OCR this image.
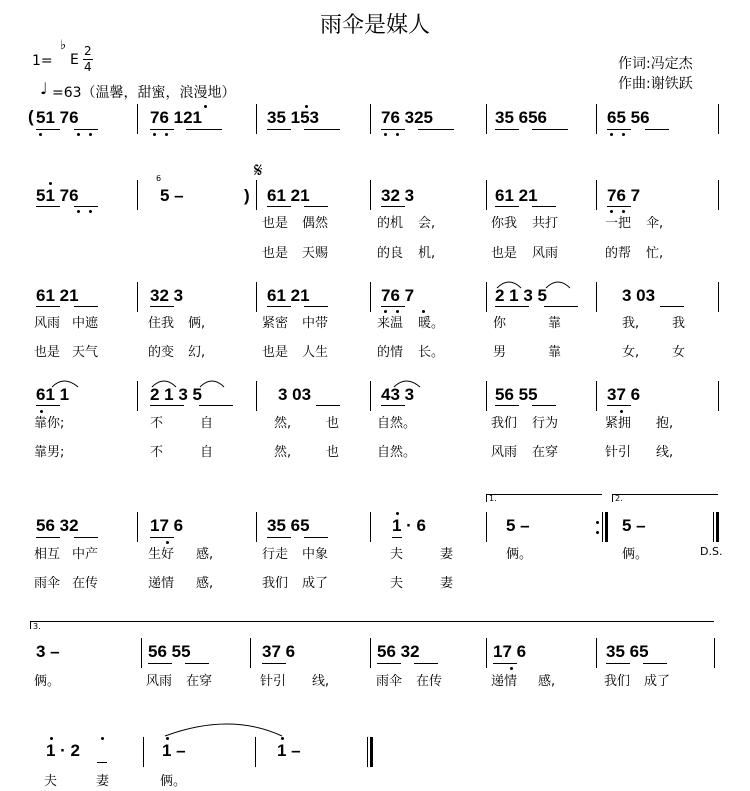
雨伞是媒人
1=
♭
E
2
4
♩ =63（温馨，甜蜜，浪漫地）
作词:冯定杰
作曲:谢铁跃
( 51 76	76 121	35 153	76 325	35 656	65 56
51 76
6
5 –	)
𝄋
61 21	32 3	61 21	76 7
也是 偶然	的机 会,	你我 共打	一把 伞,
也是 天赐	的良 机,	也是 风雨	的帮 忙,
61 21	32 3	61 21	76 7	2 1 3 5	3 03
风雨 中遮	住我 俩,	紧密 中带	来温 暖。	你	靠	我,	我
也是 天气	的变 幻,	也是 人生	的情 长。	男	靠	女,	女
61 1	2 1 3 5	3 03	43 3	56 55	37 6
靠你;	不	自	然,	也	自然。	我们 行为	紧拥 抱,
靠男;	不	自	然,	也	自然。	风雨 在穿	针引 线,
1.	2.
56 32	17 6	35 65	1 · 6	5 –	5 –
D.S.
相互 中产	生好 感,	行走 中象	夫	妻	俩。	俩。
雨伞 在传	递情 感,	我们 成了	夫	妻
3.
3 –	56 55	37 6	56 32	17 6	35 65
俩。	风雨 在穿	针引 线,	雨伞 在传	递情 感,	我们 成了
1 · 2	1 –	1 –
夫	妻	俩。
